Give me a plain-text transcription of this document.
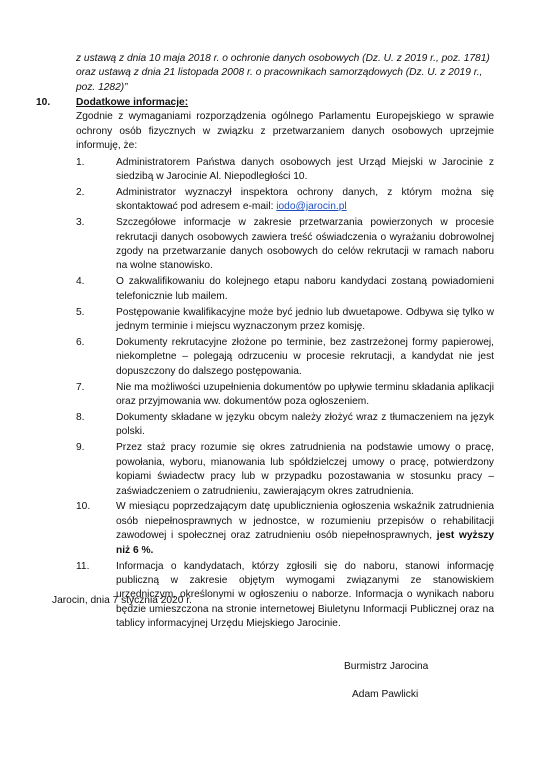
z ustawą z dnia 10 maja 2018 r. o ochronie danych osobowych (Dz. U. z 2019 r., poz. 1781)
oraz ustawą z dnia 21 listopada 2008 r. o pracownikach samorządowych (Dz. U. z 2019 r.,
poz. 1282)”
10.	Dodatkowe informacje:
Zgodnie z wymaganiami rozporządzenia ogólnego Parlamentu Europejskiego w sprawie ochrony osób fizycznych w związku z przetwarzaniem danych osobowych uprzejmie informuję, że:
1.	Administratorem Państwa danych osobowych jest Urząd Miejski w Jarocinie z siedzibą w Jarocinie Al. Niepodległości 10.
2.	Administrator wyznaczył inspektora ochrony danych, z którym można się skontaktować pod adresem e-mail: iodo@jarocin.pl
3.	Szczegółowe informacje w zakresie przetwarzania powierzonych w procesie rekrutacji danych osobowych zawiera treść oświadczenia o wyrażaniu dobrowolnej zgody na przetwarzanie danych osobowych do celów rekrutacji w ramach naboru na wolne stanowisko.
4.	O zakwalifikowaniu do kolejnego etapu naboru kandydaci zostaną powiadomieni telefonicznie lub mailem.
5.	Postępowanie kwalifikacyjne może być jednio lub dwuetapowe. Odbywa się tylko w jednym terminie i miejscu wyznaczonym przez komisję.
6.	Dokumenty rekrutacyjne złożone po terminie, bez zastrzeżonej formy papierowej, niekompletne – polegają odrzuceniu w procesie rekrutacji, a kandydat nie jest dopuszczony do dalszego postępowania.
7.	Nie ma możliwości uzupełnienia dokumentów po upływie terminu składania aplikacji oraz przyjmowania ww. dokumentów poza ogłoszeniem.
8.	Dokumenty składane w języku obcym należy złożyć wraz z tłumaczeniem na język polski.
9.	Przez staż pracy rozumie się okres zatrudnienia na podstawie umowy o pracę, powołania, wyboru, mianowania lub spółdzielczej umowy o pracę, potwierdzony kopiami świadectw pracy lub w przypadku pozostawania w stosunku pracy – zaświadczeniem o zatrudnieniu, zawierającym okres zatrudnienia.
10.	W miesiącu poprzedzającym datę upublicznienia ogłoszenia wskaźnik zatrudnienia osób niepełnosprawnych w jednostce, w rozumieniu przepisów o rehabilitacji zawodowej i społecznej oraz zatrudnieniu osób niepełnosprawnych, jest wyższy niż 6 %.
11.	Informacja o kandydatach, którzy zgłosili się do naboru, stanowi informację publiczną w zakresie objętym wymogami związanymi ze stanowiskiem urzędniczym, określonymi w ogłoszeniu o naborze. Informacja o wynikach naboru będzie umieszczona na stronie internetowej Biuletynu Informacji Publicznej oraz na tablicy informacyjnej Urzędu Miejskiego Jarocinie.
Jarocin, dnia 7 stycznia 2020 r.
Burmistrz Jarocina
Adam Pawlicki
